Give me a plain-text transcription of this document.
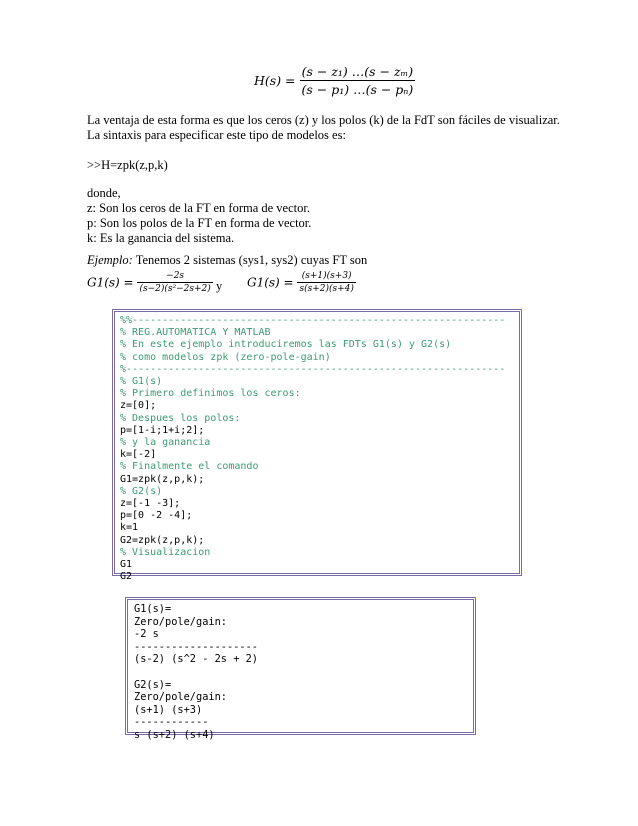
$H(s) = \frac{\text{(s − z₁) …(s − zₘ)}}{\text{(s − p₁) …(s − pₙ)}}$
La ventaja de esta forma es que los ceros (z) y los polos (k) de la FdT son fáciles de visualizar.
La sintaxis para especificar este tipo de modelos es:
>>H=zpk(z,p,k)
donde,
z: Son los ceros de la FT en forma de vector.
p: Son los polos de la FT en forma de vector.
k: Es la ganancia del sistema.
Ejemplo: Tenemos 2 sistemas (sys1, sys2) cuyas FT son
$G1(s) = \frac{-2s}{\text{(s−2)(s²−2s+2)}}$ y $G1(s) = \frac{(s+1)(s+3)}{s(s+2)(s+4)}$
%%--------------------------------------------------------------
% REG.AUTOMATICA Y MATLAB
% En este ejemplo introduciremos las FDTs G1(s) y G2(s)
% como modelos zpk (zero-pole-gain)
%---------------------------------------------------------------
% G1(s)
% Primero definimos los ceros:
z=[0];
% Despues los polos:
p=[1-i;1+i;2];
% y la ganancia
k=[-2]
% Finalmente el comando
G1=zpk(z,p,k);
% G2(s)
z=[-1 -3];
p=[0 -2 -4];
k=1
G2=zpk(z,p,k);
% Visualizacion
G1
G2
G1(s)=
Zero/pole/gain:
-2 s
--------------------
(s-2) (s^2 - 2s + 2)
G2(s)=
Zero/pole/gain:
(s+1) (s+3)
------------
s (s+2) (s+4)
